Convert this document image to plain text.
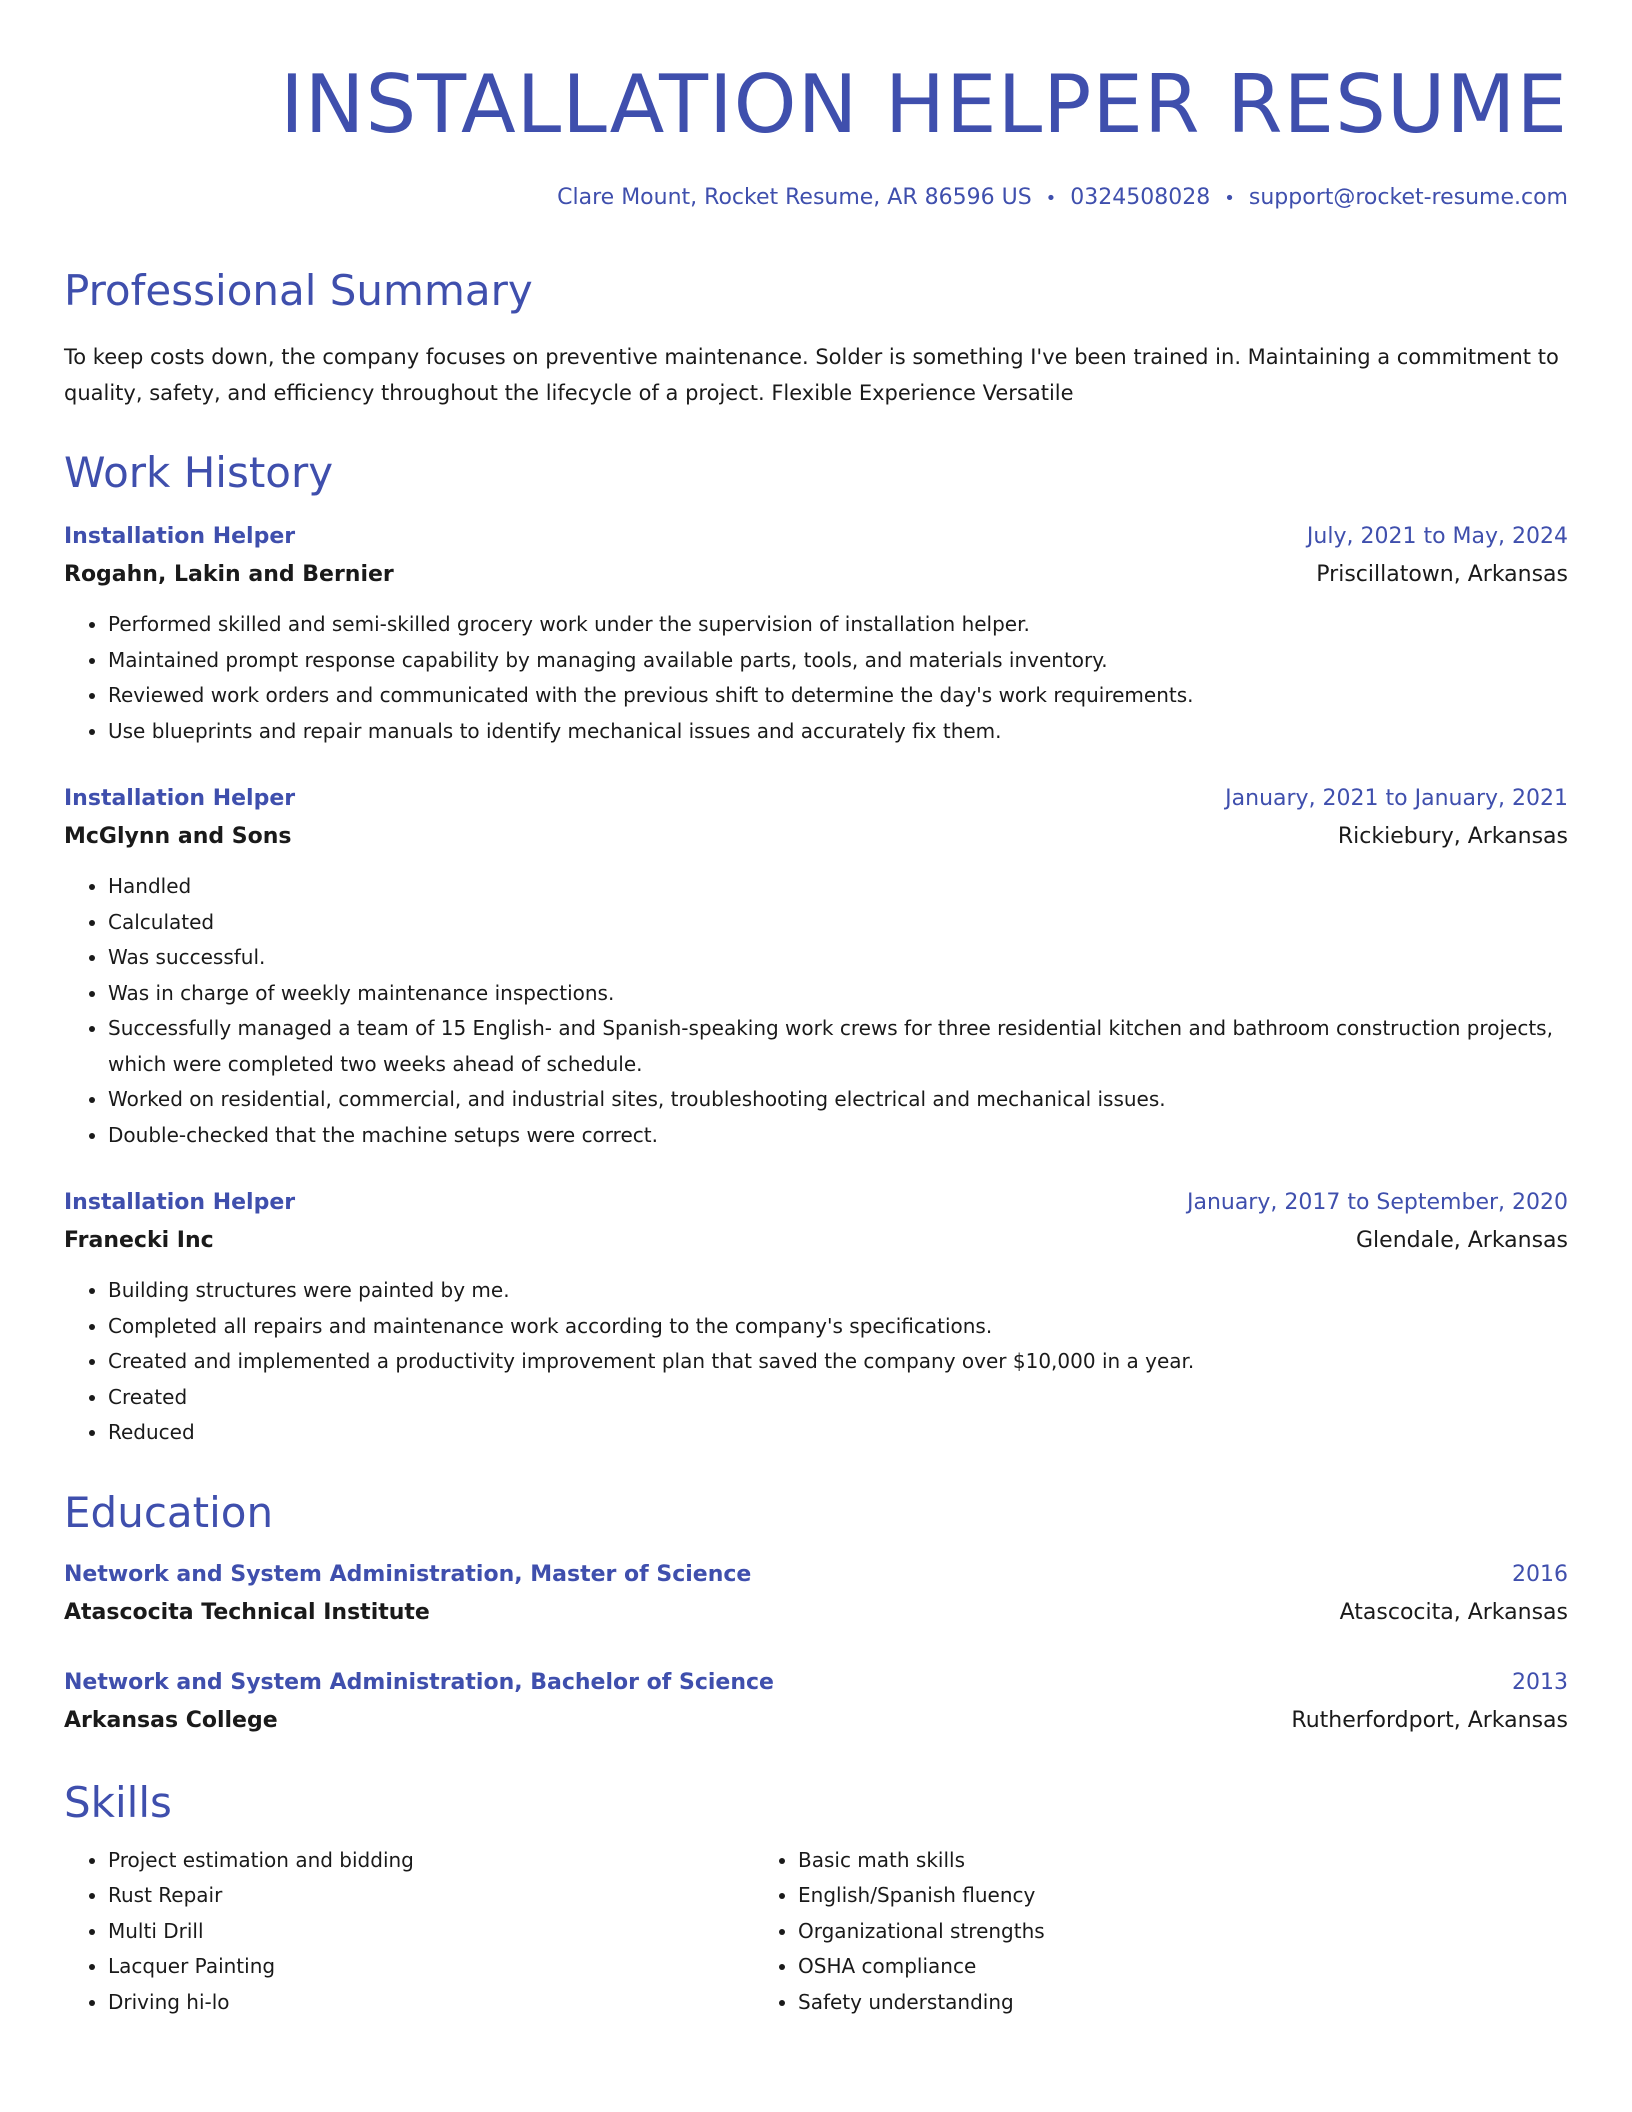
INSTALLATION HELPER RESUME
Clare Mount, Rocket Resume, AR 86596 US • 0324508028 • support@rocket-resume.com
Professional Summary
To keep costs down, the company focuses on preventive maintenance. Solder is something I've been trained in. Maintaining a commitment to quality, safety, and efficiency throughout the lifecycle of a project. Flexible Experience Versatile
Work History
Installation Helper	July, 2021 to May, 2024
Rogahn, Lakin and Bernier	Priscillatown, Arkansas
• Performed skilled and semi-skilled grocery work under the supervision of installation helper.
• Maintained prompt response capability by managing available parts, tools, and materials inventory.
• Reviewed work orders and communicated with the previous shift to determine the day's work requirements.
• Use blueprints and repair manuals to identify mechanical issues and accurately fix them.
Installation Helper	January, 2021 to January, 2021
McGlynn and Sons	Rickiebury, Arkansas
• Handled
• Calculated
• Was successful.
• Was in charge of weekly maintenance inspections.
• Successfully managed a team of 15 English- and Spanish-speaking work crews for three residential kitchen and bathroom construction projects, which were completed two weeks ahead of schedule.
• Worked on residential, commercial, and industrial sites, troubleshooting electrical and mechanical issues.
• Double-checked that the machine setups were correct.
Installation Helper	January, 2017 to September, 2020
Franecki Inc	Glendale, Arkansas
• Building structures were painted by me.
• Completed all repairs and maintenance work according to the company's specifications.
• Created and implemented a productivity improvement plan that saved the company over $10,000 in a year.
• Created
• Reduced
Education
Network and System Administration, Master of Science	2016
Atascocita Technical Institute	Atascocita, Arkansas
Network and System Administration, Bachelor of Science	2013
Arkansas College	Rutherfordport, Arkansas
Skills
• Project estimation and bidding
• Rust Repair
• Multi Drill
• Lacquer Painting
• Driving hi-lo
• Basic math skills
• English/Spanish fluency
• Organizational strengths
• OSHA compliance
• Safety understanding
